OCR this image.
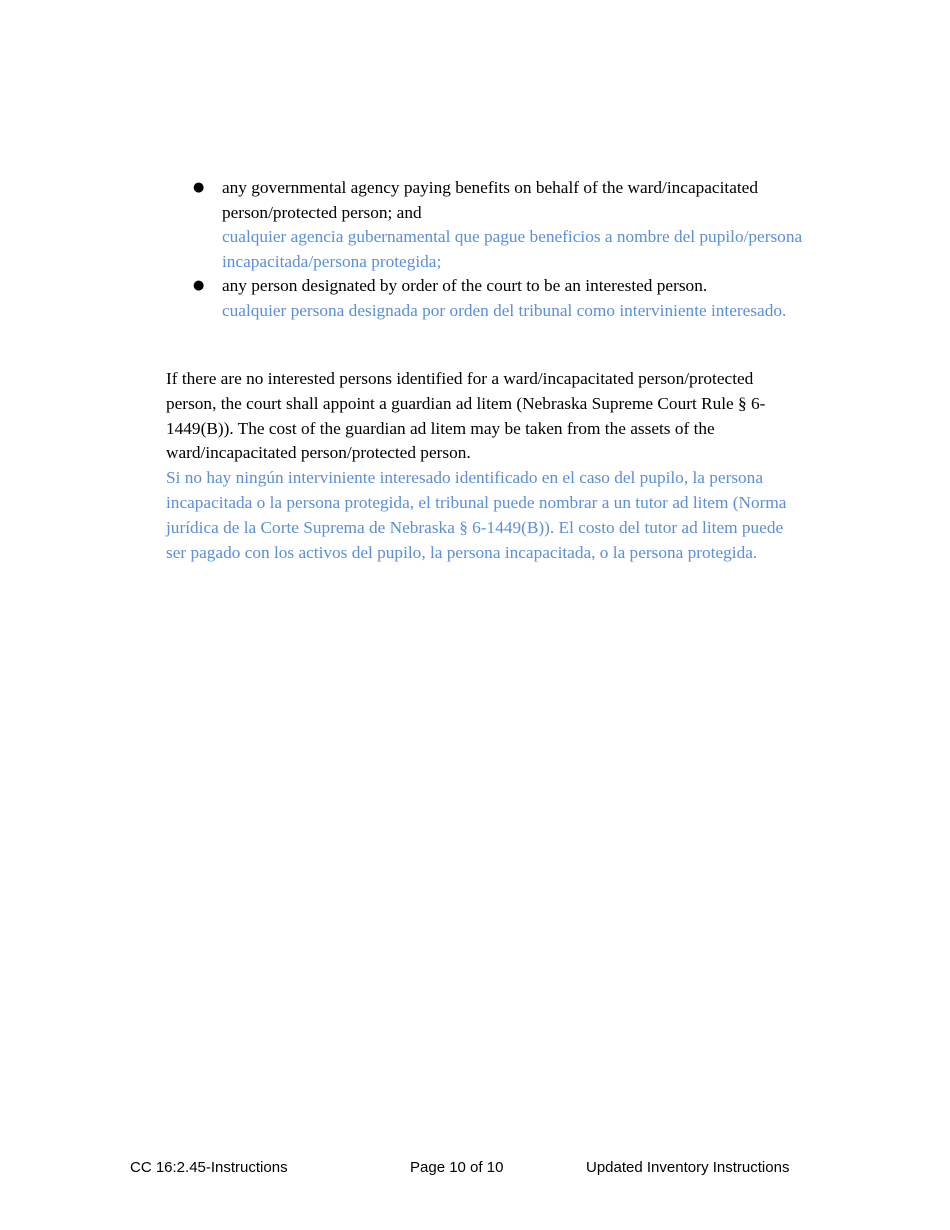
● any governmental agency paying benefits on behalf of the ward/incapacitated person/protected person; and
cualquier agencia gubernamental que pague beneficios a nombre del pupilo/persona incapacitada/persona protegida;
● any person designated by order of the court to be an interested person.
cualquier persona designada por orden del tribunal como interviniente interesado.
If there are no interested persons identified for a ward/incapacitated person/protected person, the court shall appoint a guardian ad litem (Nebraska Supreme Court Rule § 6-1449(B)). The cost of the guardian ad litem may be taken from the assets of the ward/incapacitated person/protected person.
Si no hay ningún interviniente interesado identificado en el caso del pupilo, la persona incapacitada o la persona protegida, el tribunal puede nombrar a un tutor ad litem (Norma jurídica de la Corte Suprema de Nebraska § 6-1449(B)). El costo del tutor ad litem puede ser pagado con los activos del pupilo, la persona incapacitada, o la persona protegida.
CC 16:2.45-Instructions	Page 10 of 10	Updated Inventory Instructions
